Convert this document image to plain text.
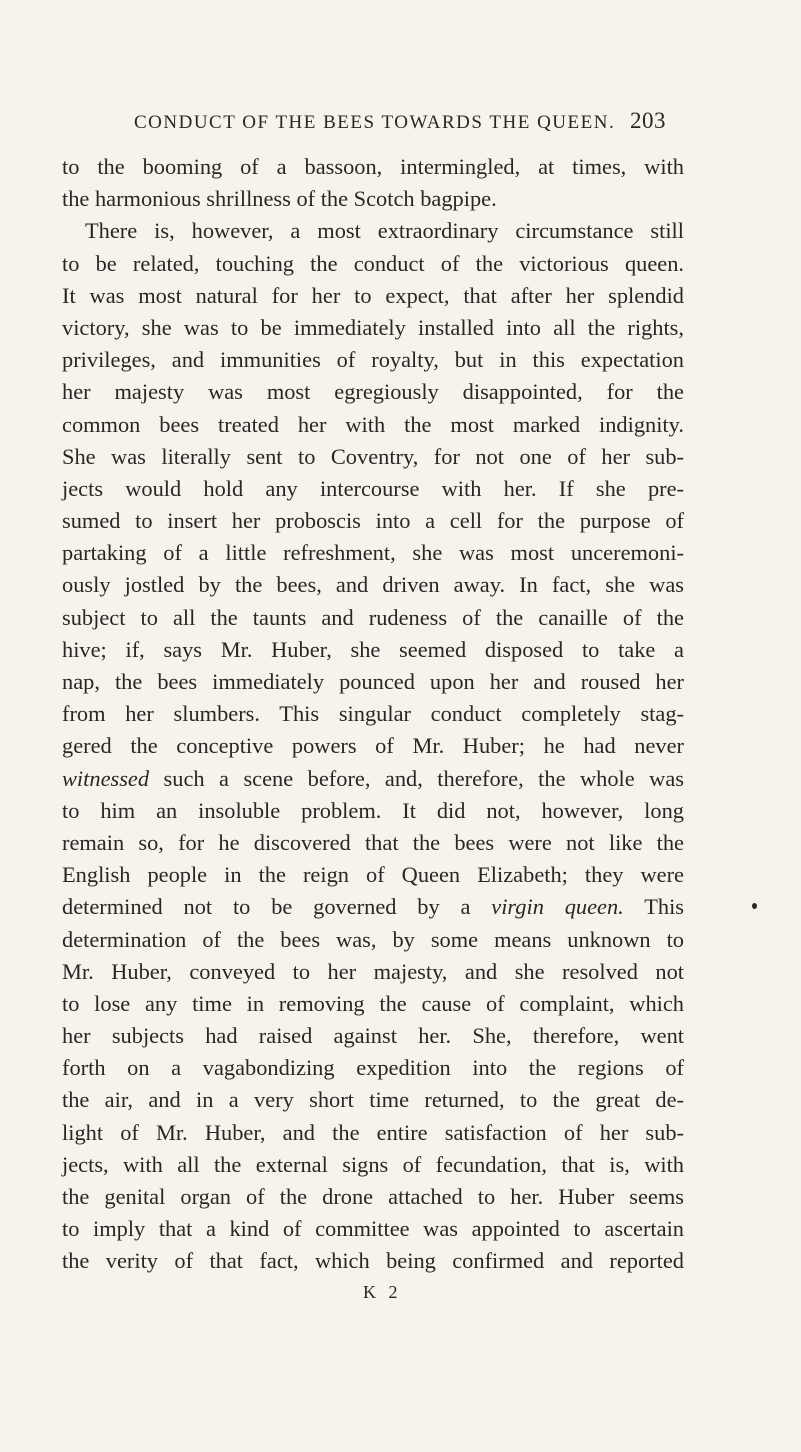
CONDUCT OF THE BEES TOWARDS THE QUEEN. 203
to the booming of a bassoon, intermingled, at times, with
the harmonious shrillness of the Scotch bagpipe.
There is, however, a most extraordinary circumstance still
to be related, touching the conduct of the victorious queen.
It was most natural for her to expect, that after her splendid
victory, she was to be immediately installed into all the rights,
privileges, and immunities of royalty, but in this expectation
her majesty was most egregiously disappointed, for the
common bees treated her with the most marked indignity.
She was literally sent to Coventry, for not one of her sub-
jects would hold any intercourse with her. If she pre-
sumed to insert her proboscis into a cell for the purpose of
partaking of a little refreshment, she was most unceremoni-
ously jostled by the bees, and driven away. In fact, she was
subject to all the taunts and rudeness of the canaille of the
hive; if, says Mr. Huber, she seemed disposed to take a
nap, the bees immediately pounced upon her and roused her
from her slumbers. This singular conduct completely stag-
gered the conceptive powers of Mr. Huber; he had never
witnessed such a scene before, and, therefore, the whole was
to him an insoluble problem. It did not, however, long
remain so, for he discovered that the bees were not like the
English people in the reign of Queen Elizabeth; they were
determined not to be governed by a virgin queen. This
determination of the bees was, by some means unknown to
Mr. Huber, conveyed to her majesty, and she resolved not
to lose any time in removing the cause of complaint, which
her subjects had raised against her. She, therefore, went
forth on a vagabondizing expedition into the regions of
the air, and in a very short time returned, to the great de-
light of Mr. Huber, and the entire satisfaction of her sub-
jects, with all the external signs of fecundation, that is, with
the genital organ of the drone attached to her. Huber seems
to imply that a kind of committee was appointed to ascertain
the verity of that fact, which being confirmed and reported
K 2
